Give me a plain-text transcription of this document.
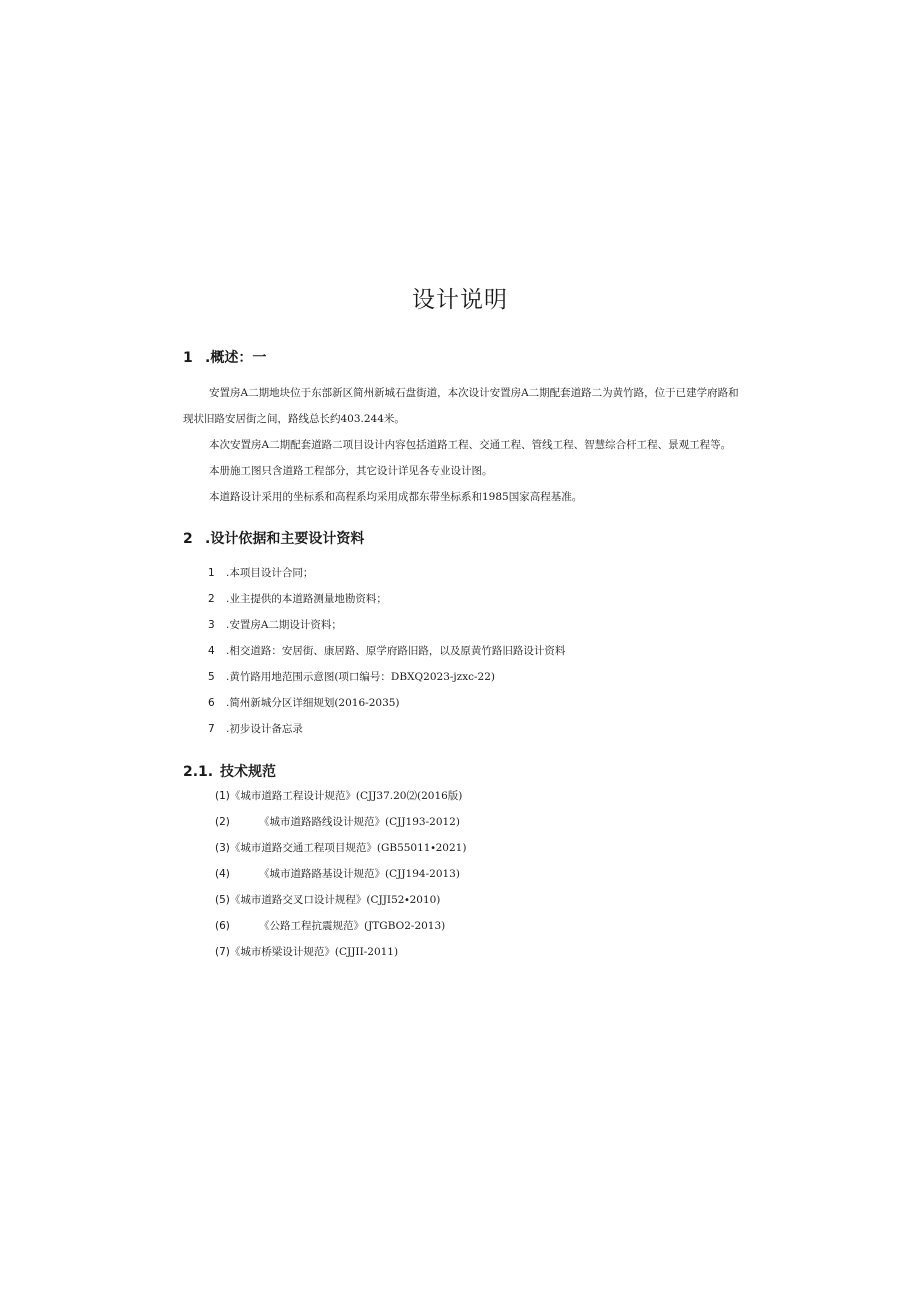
设计说明
1 .概述：一

安置房A二期地块位于东部新区简州新城石盘街道，本次设计安置房A二期配套道路二为黄竹路，位于已建学府路和现状旧路安居街之间，路线总长约403.244米。

本次安置房A二期配套道路二项目设计内容包括道路工程、交通工程、管线工程、智慧综合杆工程、景观工程等。

本册施工图只含道路工程部分，其它设计详见各专业设计图。

本道路设计采用的坐标系和高程系均采用成都东带坐标系和1985国家高程基准。

2 .设计依据和主要设计资料
1 .本项目设计合同；
2 .业主提供的本道路测量地勘资料；
3 .安置房A二期设计资料；
4 .相交道路：安居街、康居路、原学府路旧路，以及原黄竹路旧路设计资料
5 .黄竹路用地范围示意图(项口编号：DBXQ2023-jzxc-22)
6 .简州新城分区详细规划(2016-2035)
7 .初步设计备忘录
2.1. 技术规范
(1)《城市道路工程设计规范》(CJJ37.20⑵(2016版)
(2)	《城市道路路线设计规范》(CJJ193-2012)
(3)《城市道路交通工程项目规范》(GB55011∙2021)
(4)	《城市道路路基设计规范》(CJJ194-2013)
(5)《城市道路交叉口设计规程》(CJJI52∙2010)
(6)	《公路工程抗震规范》(JTGBO2-2013)
(7)《城市桥梁设计规范》(CJJII-2011)
